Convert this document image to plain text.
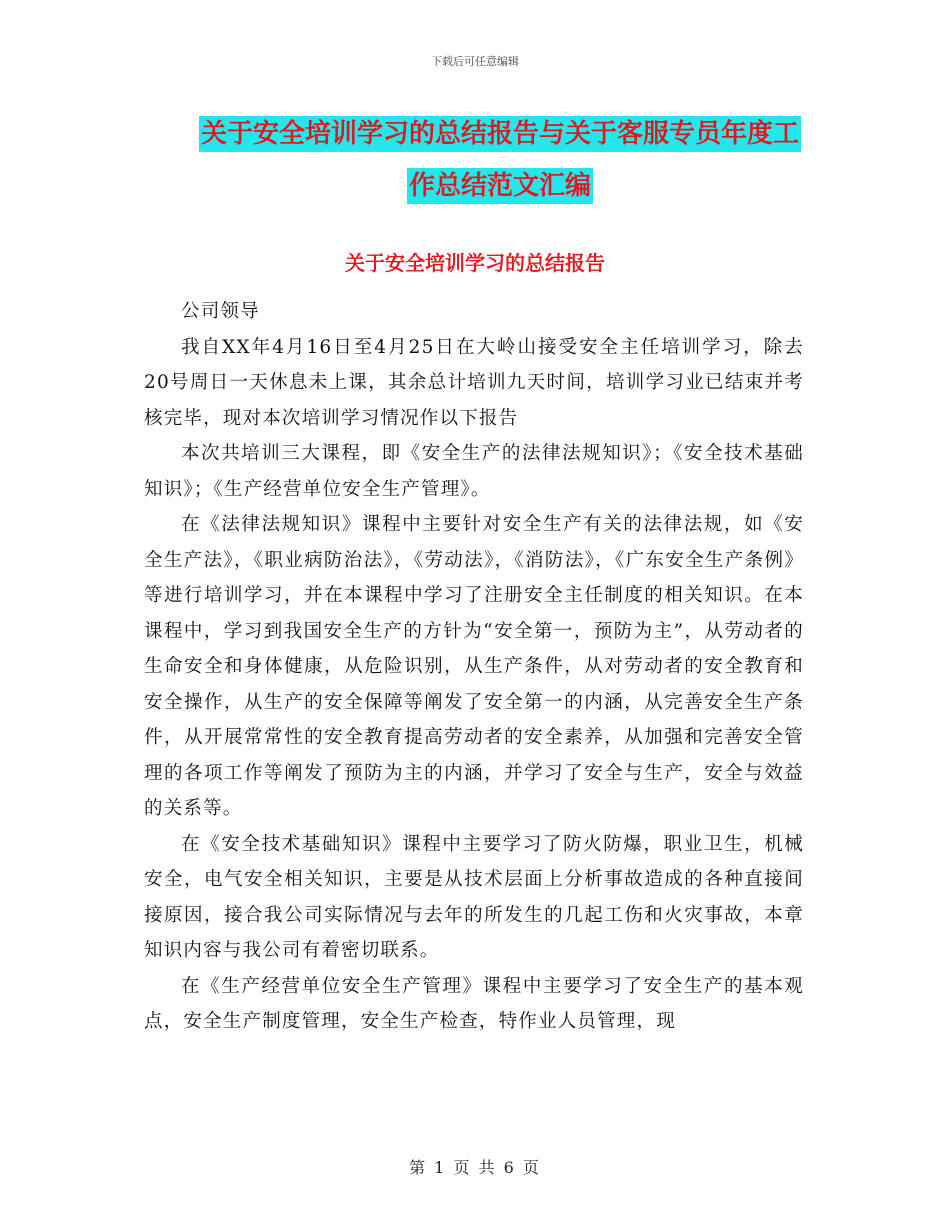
下载后可任意编辑
关于安全培训学习的总结报告与关于客服专员年度工
作总结范文汇编
关于安全培训学习的总结报告

公司领导

我自XX年4月16日至4月25日在大岭山接受安全主任培训学习，除去20号周日一天休息未上课，其余总计培训九天时间，培训学习业已结束并考核完毕，现对本次培训学习情况作以下报告

本次共培训三大课程，即《安全生产的法律法规知识》；《安全技术基础知识》；《生产经营单位安全生产管理》。

在《法律法规知识》课程中主要针对安全生产有关的法律法规，如《安全生产法》，《职业病防治法》，《劳动法》，《消防法》，《广东安全生产条例》等进行培训学习，并在本课程中学习了注册安全主任制度的相关知识。在本课程中，学习到我国安全生产的方针为“安全第一，预防为主”，从劳动者的生命安全和身体健康，从危险识别，从生产条件，从对劳动者的安全教育和安全操作，从生产的安全保障等阐发了安全第一的内涵，从完善安全生产条件，从开展常常性的安全教育提高劳动者的安全素养，从加强和完善安全管理的各项工作等阐发了预防为主的内涵，并学习了安全与生产，安全与效益的关系等。

在《安全技术基础知识》课程中主要学习了防火防爆，职业卫生，机械安全，电气安全相关知识，主要是从技术层面上分析事故造成的各种直接间接原因，接合我公司实际情况与去年的所发生的几起工伤和火灾事故，本章知识内容与我公司有着密切联系。

在《生产经营单位安全生产管理》课程中主要学习了安全生产的基本观点，安全生产制度管理，安全生产检查，特作业人员管理，现

第 1 页 共 6 页
